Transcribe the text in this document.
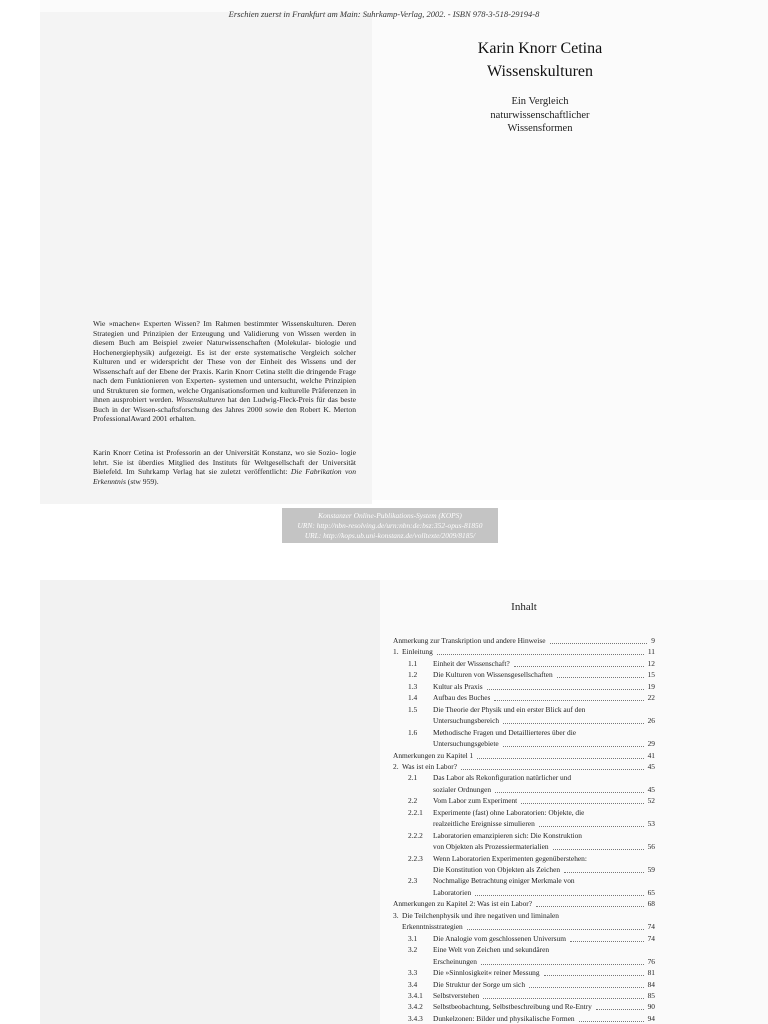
Erschien zuerst in Frankfurt am Main: Suhrkamp-Verlag, 2002. - ISBN 978-3-518-29194-8
Karin Knorr Cetina
Wissenskulturen
Ein Vergleich
naturwissenschaftlicher
Wissensformen

Wie »machen« Experten Wissen? Im Rahmen bestimmter Wissenskulturen. Deren Strategien und Prinzipien der Erzeugung und Validierung von Wissen werden in diesem Buch am Beispiel zweier Naturwissenschaften (Molekular- biologie und Hochenergiephysik) aufgezeigt. Es ist der erste systematische Vergleich solcher Kulturen und er widerspricht der These von der Einheit des Wissens und der Wissenschaft auf der Ebene der Praxis. Karin Knorr Cetina stellt die dringende Frage nach dem Funktionieren von Experten- systemen und untersucht, welche Prinzipien und Strukturen sie formen, welche Organisationsformen und kulturelle Präferenzen in ihnen ausprobiert werden. Wissenskulturen hat den Ludwig-Fleck-Preis für das beste Buch in der Wissen-schaftsforschung des Jahres 2000 sowie den Robert K. Merton ProfessionalAward 2001 erhalten.

Karin Knorr Cetina ist Professorin an der Universität Konstanz, wo sie Sozio- logie lehrt. Sie ist überdies Mitglied des Instituts für Weltgesellschaft der Universität Bielefeld. Im Suhrkamp Verlag hat sie zuletzt veröffentlicht: Die Fabrikation von Erkenntnis (stw 959).

Konstanzer Online-Publikations-System (KOPS)
URN: http://nbn-resolving.de/urn:nbn:de:bsz:352-opus-81850
URL: http://kops.ub.uni-konstanz.de/volltexte/2009/8185/
Inhalt
Anmerkung zur Transkription und andere Hinweise	9
1. Einleitung	11
1.1 Einheit der Wissenschaft?	12
1.2 Die Kulturen von Wissensgesellschaften	15
1.3 Kultur als Praxis	19
1.4 Aufbau des Buches	22
1.5 Die Theorie der Physik und ein erster Blick auf den
Untersuchungsbereich	26
1.6 Methodische Fragen und Detaillierteres über die
Untersuchungsgebiete	29
Anmerkungen zu Kapitel 1	41
2. Was ist ein Labor?	45
2.1 Das Labor als Rekonfiguration natürlicher und
sozialer Ordnungen	45
2.2 Vom Labor zum Experiment	52
2.2.1 Experimente (fast) ohne Laboratorien: Objekte, die
realzeitliche Ereignisse simulieren	53
2.2.2 Laboratorien emanzipieren sich: Die Konstruktion
von Objekten als Prozessiermaterialien	56
2.2.3 Wenn Laboratorien Experimenten gegenüberstehen:
Die Konstitution von Objekten als Zeichen	59
2.3 Nochmalige Betrachtung einiger Merkmale von
Laboratorien	65
Anmerkungen zu Kapitel 2: Was ist ein Labor?	68
3. Die Teilchenphysik und ihre negativen und liminalen
Erkenntnisstrategien	74
3.1 Die Analogie vom geschlossenen Universum	74
3.2 Eine Welt von Zeichen und sekundären
Erscheinungen	76
3.3 Die »Sinnlosigkeit« reiner Messung	81
3.4 Die Struktur der Sorge um sich	84
3.4.1 Selbstverstehen	85
3.4.2 Selbstbeobachtung, Selbstbeschreibung und Re-Entry	90
3.4.3 Dunkelzonen: Bilder und physikalische Formen	94
